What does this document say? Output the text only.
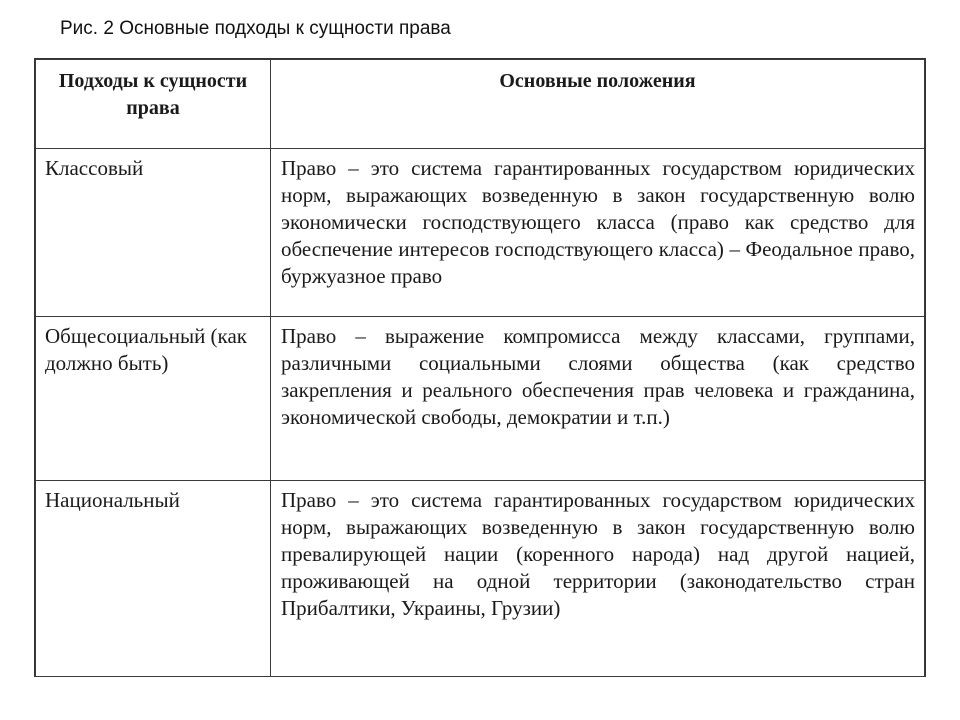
Рис. 2 Основные подходы к сущности права
Подходы к сущности права	Основные положения
Классовый	Право – это система гарантированных государством юридических норм, выражающих возведенную в закон государственную волю экономически господствующего класса (право как средство для обеспечение интересов господствующего класса) – Феодальное право, буржуазное право
Общесоциальный (как должно быть)	Право – выражение компромисса между классами, группами, различными социальными слоями общества (как средство закрепления и реального обеспечения прав человека и гражданина, экономической свободы, демократии и т.п.)
Национальный	Право – это система гарантированных государством юридических норм, выражающих возведенную в закон государственную волю превалирующей нации (коренного народа) над другой нацией, проживающей на одной территории (законодательство стран Прибалтики, Украины, Грузии)
